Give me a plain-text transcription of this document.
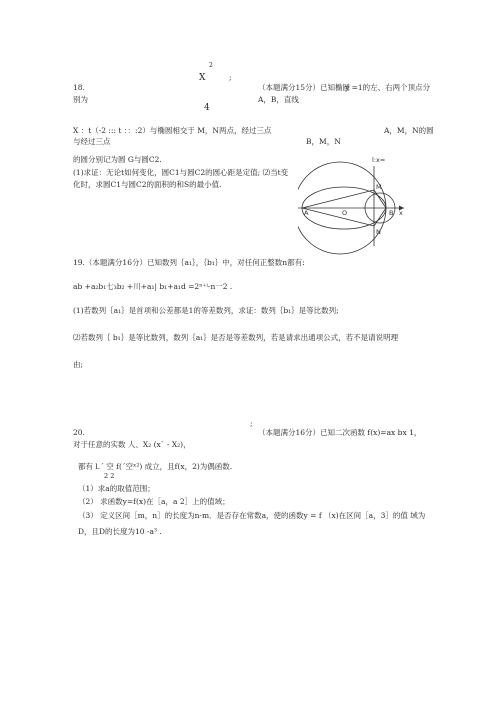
X
2
;
18.	（本题满分15分）已知椭圆
y =1的左、右两个顶点分
别为	A，B，直线
4
X ：t（-2 ::: t ：：:2）与椭圆相交于 M，N两点，经过三点	A，M，N的圆
与经过三点	B，M，N
的圆分别记为圆 G与圆C2.
(1)求证：无论t如何变化，圆C1与圆C2的圆心距是定值; ⑵当t变
化时，求圆C1与圆C2的面积的和S的最小值.
l:x=
M
N
A	O	B x
19.（本题满分16分）已知数列｛a₁｝，｛b₁｝中，对任何正整数n都有:
ab +a₂b₁七₃b₂ +川+a₁| b₁+a₁d =2ⁿ⁺ⁱ-n一2 .
(1)若数列｛a₁｝是首项和公差都是1的等差数列，求证：数列｛b₁｝是等比数列;
⑵若数列｛ b₁｝是等比数列，数列｛a₁｝是否是等差数列，若是请求出通项公式，若不是请说明理
由;
;
20.	（本题满分16分）已知二次函数 f(x)=ax bx 1，
对于任意的实数 人、X₂ (x` - X₂)，
都有 l.ˊ 空 f(ˊ空ˣ²) 成立，且f(x，2)为偶函数.
2 2
（1）求a的取值范围；
（2） 求函数y=f(x)在［a，a 2］上的值域；
（3） 定义区间［m，n］的长度为n-m．是否存在常数a，使的函数y = f （x)在区间［a，3］的值 域为
D，且D的长度为10 -a³ .
